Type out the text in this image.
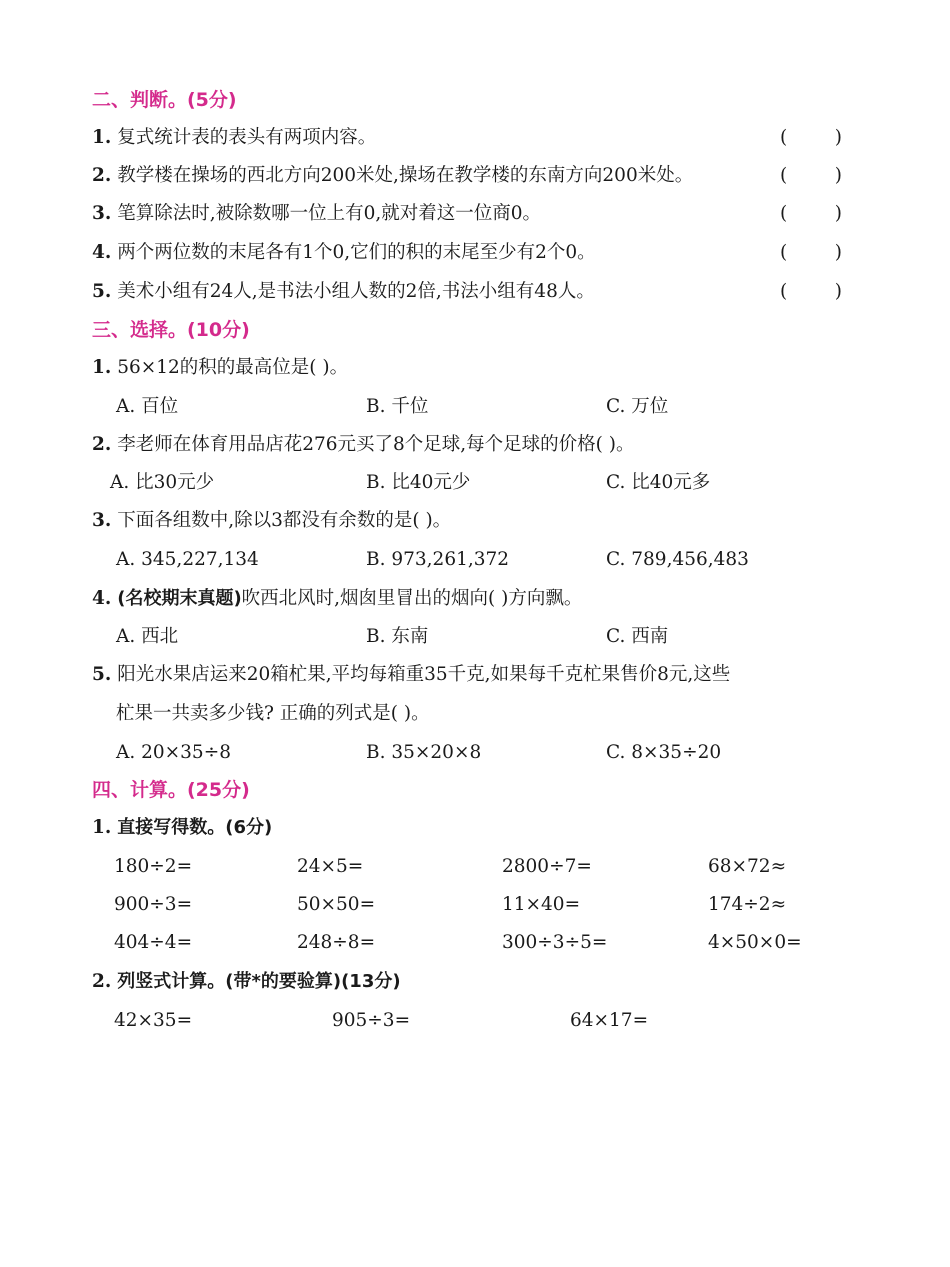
二、判断。(5分)
1. 复式统计表的表头有两项内容。	(	)
2. 教学楼在操场的西北方向200米处,操场在教学楼的东南方向200米处。	(	)
3. 笔算除法时,被除数哪一位上有0,就对着这一位商0。	(	)
4. 两个两位数的末尾各有1个0,它们的积的末尾至少有2个0。	(	)
5. 美术小组有24人,是书法小组人数的2倍,书法小组有48人。	(	)
三、选择。(10分)
1. 56×12的积的最高位是( )。
A. 百位	B. 千位	C. 万位
2. 李老师在体育用品店花276元买了8个足球,每个足球的价格( )。
A. 比30元少	B. 比40元少	C. 比40元多
3. 下面各组数中,除以3都没有余数的是( )。
A. 345,227,134	B. 973,261,372	C. 789,456,483
4. (名校期末真题)吹西北风时,烟囱里冒出的烟向( )方向飘。
A. 西北	B. 东南	C. 西南
5. 阳光水果店运来20箱杧果,平均每箱重35千克,如果每千克杧果售价8元,这些
杧果一共卖多少钱? 正确的列式是( )。
A. 20×35÷8	B. 35×20×8	C. 8×35÷20
四、计算。(25分)
1. 直接写得数。(6分)
180÷2=	24×5=	2800÷7=	68×72≈
900÷3=	50×50=	11×40=	174÷2≈
404÷4=	248÷8=	300÷3÷5=	4×50×0=
2. 列竖式计算。(带*的要验算)(13分)
42×35=	905÷3=	64×17=
